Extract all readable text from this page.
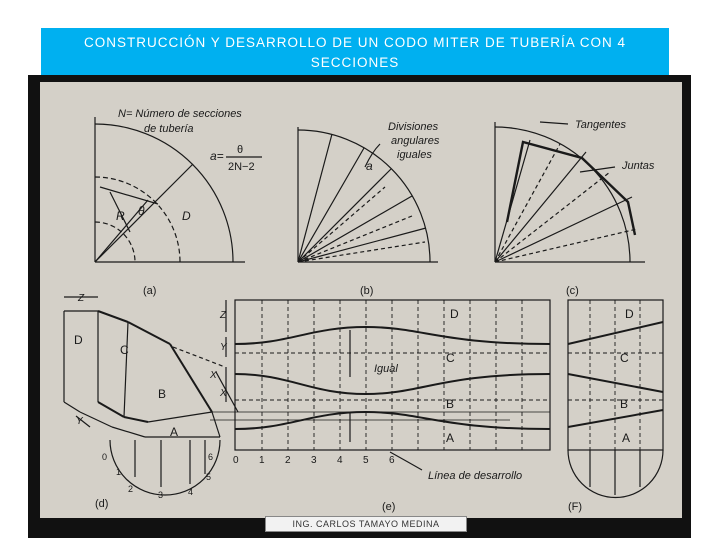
CONSTRUCCIÓN Y DESARROLLO DE UN CODO MITER DE TUBERÍA CON 4
SECCIONES
(a)
N= Número de secciones
de tubería
a= θ
2N−2
θ	D
R
(b)
Divisiones
angulares
iguales
a
(c)
Tangentes
Juntas
(d)
Z
X
Y
D
C
B
A
0
1
2
3	4
5
6
(e)
D
C
B
A
Igual
Línea de desarrollo
Z
Y
X
0 1 2 3 4 5 6
(F)
D
C
B
A
ING. CARLOS TAMAYO MEDINA
